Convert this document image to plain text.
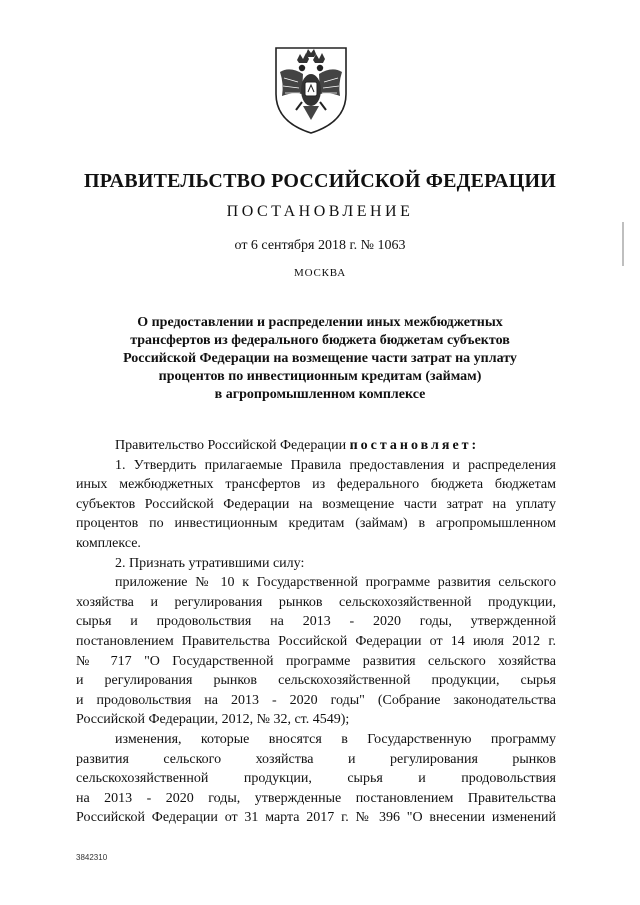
ПРАВИТЕЛЬСТВО РОССИЙСКОЙ ФЕДЕРАЦИИ
ПОСТАНОВЛЕНИЕ
от 6 сентября 2018 г. № 1063
МОСКВА
О предоставлении и распределении иных межбюджетных
трансфертов из федерального бюджета бюджетам субъектов
Российской Федерации на возмещение части затрат на уплату
процентов по инвестиционным кредитам (займам)
в агропромышленном комплексе
Правительство Российской Федерации постановляет:
1. Утвердить прилагаемые Правила предоставления и распределения
иных межбюджетных трансфертов из федерального бюджета бюджетам
субъектов Российской Федерации на возмещение части затрат на уплату
процентов по инвестиционным кредитам (займам) в агропромышленном
комплексе.
2. Признать утратившими силу:
приложение № 10 к Государственной программе развития сельского
хозяйства и регулирования рынков сельскохозяйственной продукции,
сырья и продовольствия на 2013 - 2020 годы, утвержденной
постановлением Правительства Российской Федерации от 14 июля 2012 г.
№ 717 "О Государственной программе развития сельского хозяйства
и регулирования рынков сельскохозяйственной продукции, сырья
и продовольствия на 2013 - 2020 годы" (Собрание законодательства
Российской Федерации, 2012, № 32, ст. 4549);
изменения, которые вносятся в Государственную программу
развития сельского хозяйства и регулирования рынков
сельскохозяйственной продукции, сырья и продовольствия
на 2013 - 2020 годы, утвержденные постановлением Правительства
Российской Федерации от 31 марта 2017 г. № 396 "О внесении изменений
3842310
